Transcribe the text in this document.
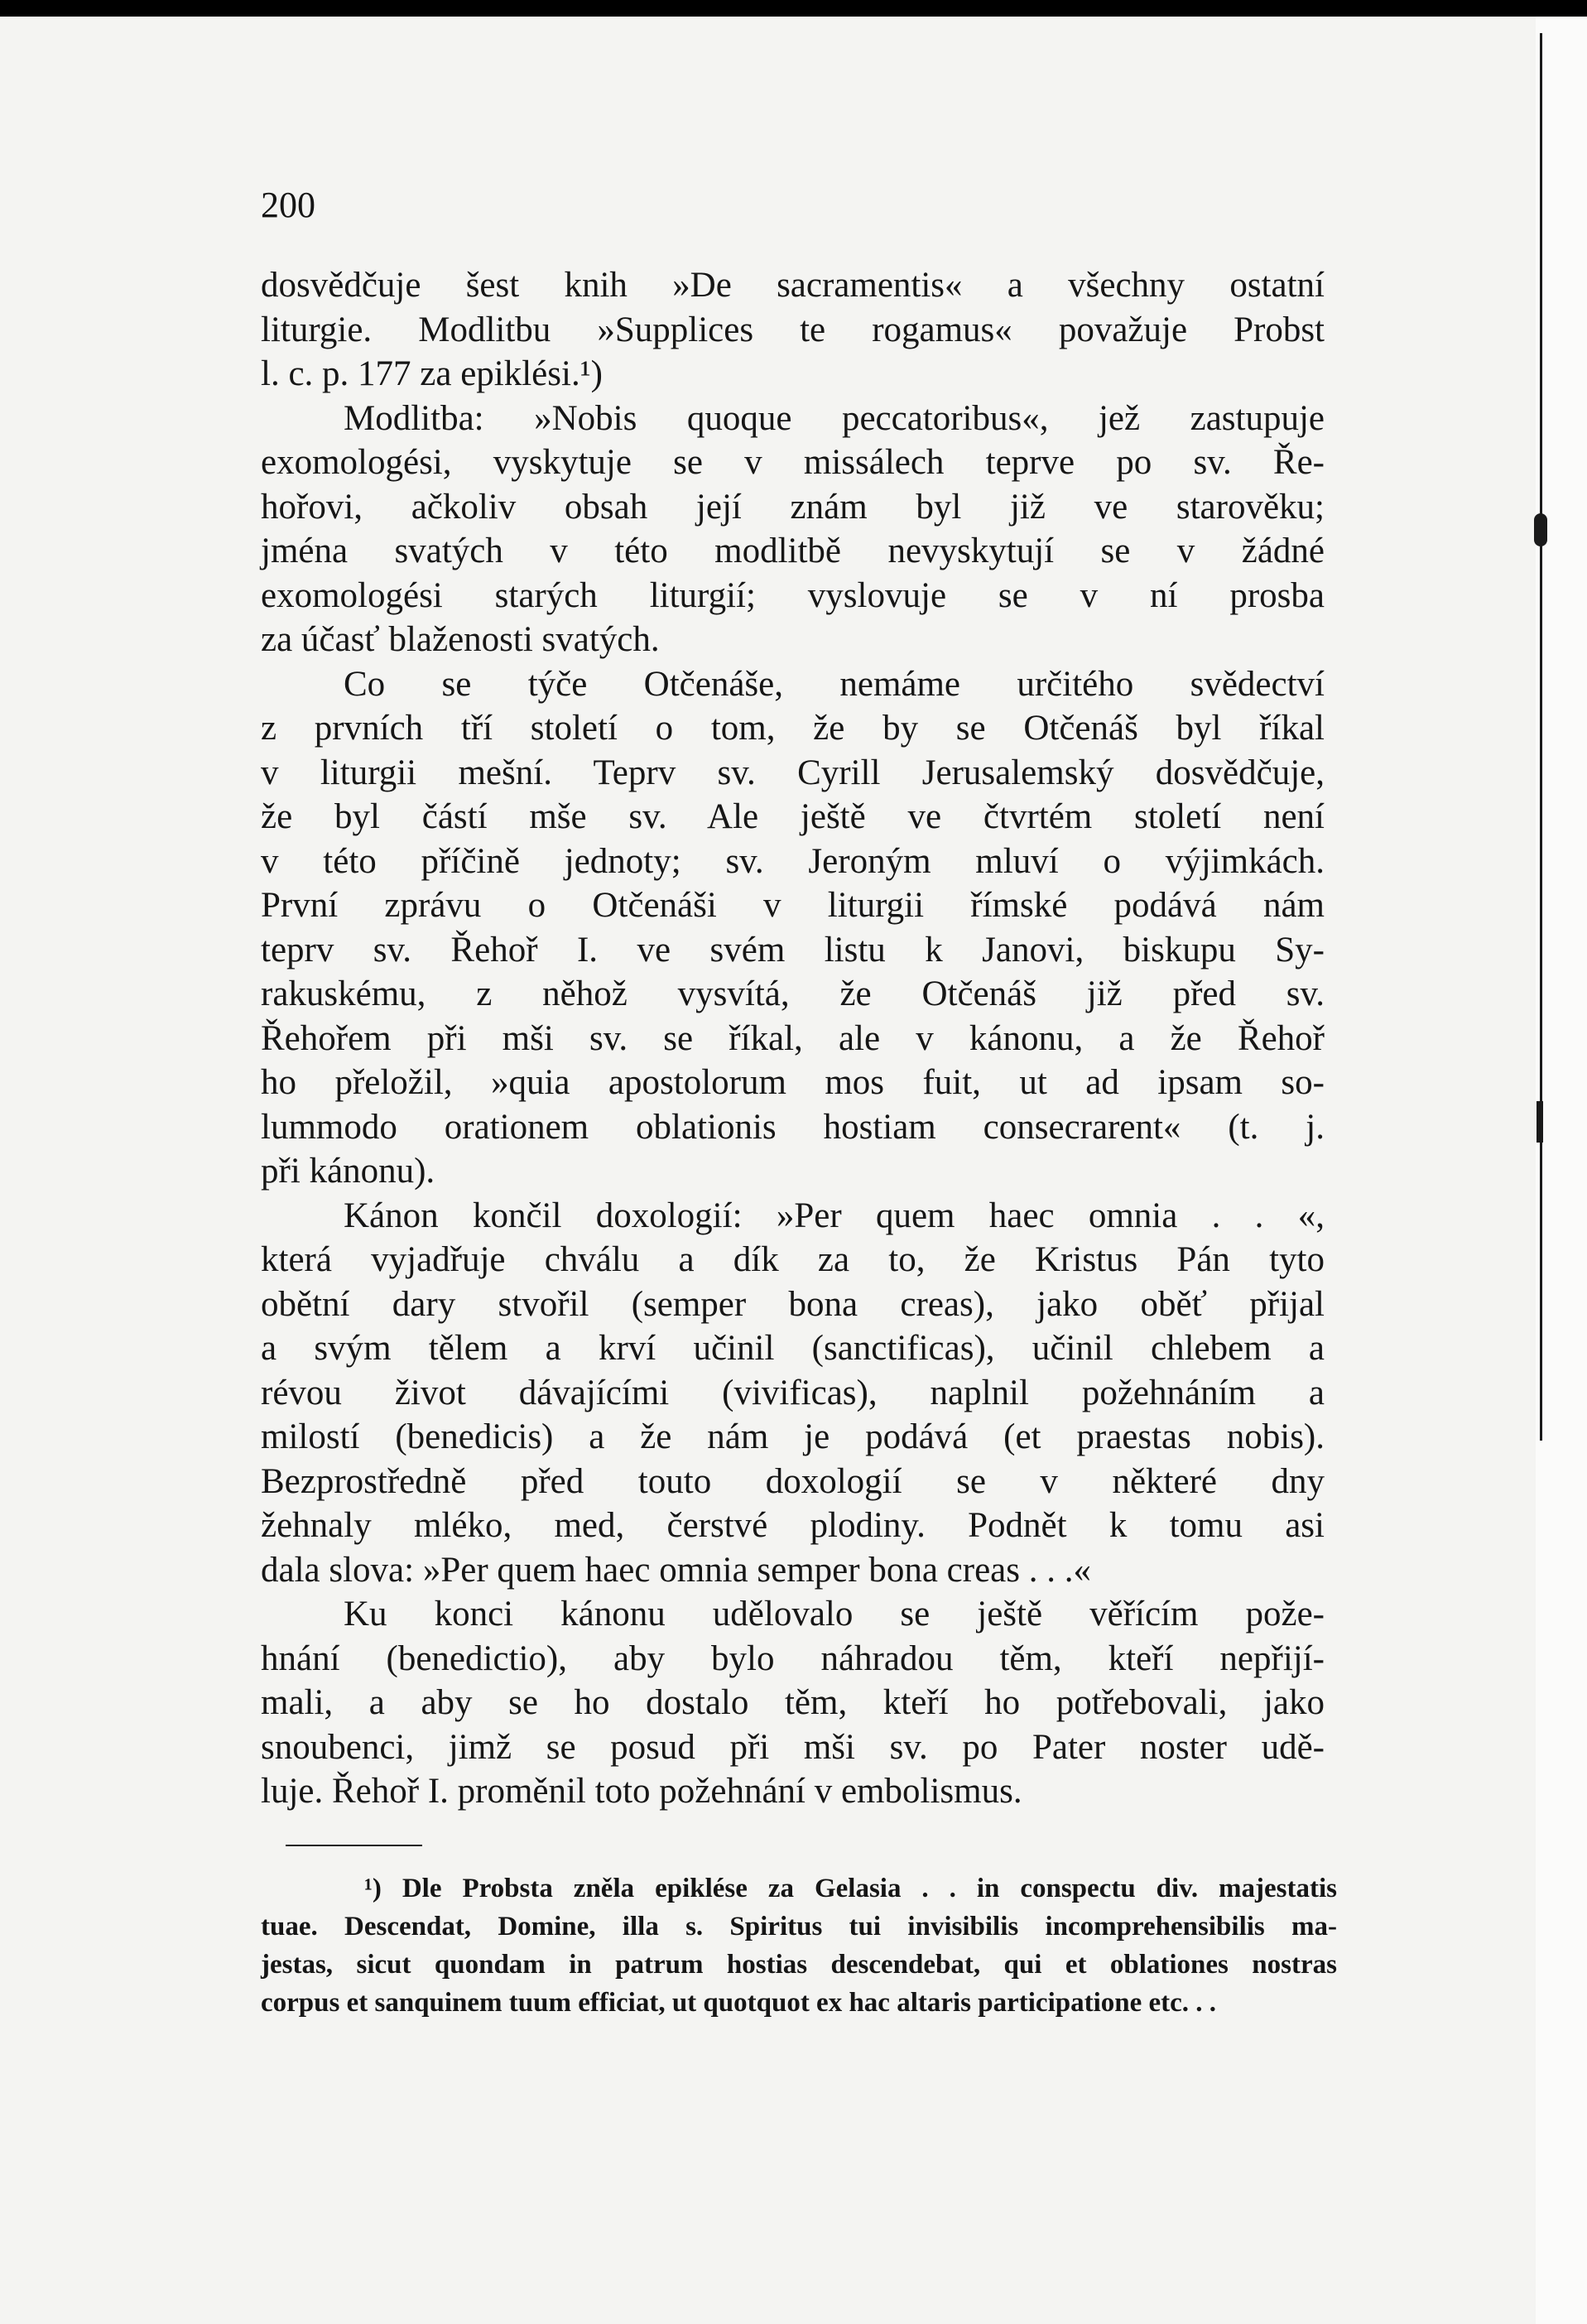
200

dosvědčuje šest knih »De sacramentis« a všechny ostatní
liturgie. Modlitbu »Supplices te rogamus« považuje Probst
l. c. p. 177 za epiklési.¹)

Modlitba: »Nobis quoque peccatoribus«, jež zastupuje
exomologési, vyskytuje se v missálech teprve po sv. Ře-
hořovi, ačkoliv obsah její znám byl již ve starověku;
jména svatých v této modlitbě nevyskytují se v žádné
exomologési starých liturgií; vyslovuje se v ní prosba
za účasť blaženosti svatých.

Co se týče Otčenáše, nemáme určitého svědectví
z prvních tří století o tom, že by se Otčenáš byl říkal
v liturgii mešní. Teprv sv. Cyrill Jerusalemský dosvědčuje,
že byl částí mše sv. Ale ještě ve čtvrtém století není
v této příčině jednoty; sv. Jeroným mluví o výjimkách.
První zprávu o Otčenáši v liturgii římské podává nám
teprv sv. Řehoř I. ve svém listu k Janovi, biskupu Sy-
rakuskému, z něhož vysvítá, že Otčenáš již před sv.
Řehořem při mši sv. se říkal, ale v kánonu, a že Řehoř
ho přeložil, »quia apostolorum mos fuit, ut ad ipsam so-
lummodo orationem oblationis hostiam consecrarent« (t. j.
při kánonu).

Kánon končil doxologií: »Per quem haec omnia . . «,
která vyjadřuje chválu a dík za to, že Kristus Pán tyto
obětní dary stvořil (semper bona creas), jako oběť přijal
a svým tělem a krví učinil (sanctificas), učinil chlebem a
révou život dávajícími (vivificas), naplnil požehnáním a
milostí (benedicis) a že nám je podává (et praestas nobis).
Bezprostředně před touto doxologií se v některé dny
žehnaly mléko, med, čerstvé plodiny. Podnět k tomu asi
dala slova: »Per quem haec omnia semper bona creas . . .«

Ku konci kánonu udělovalo se ještě věřícím pože-
hnání (benedictio), aby bylo náhradou těm, kteří nepřijí-
mali, a aby se ho dostalo těm, kteří ho potřebovali, jako
snoubenci, jimž se posud při mši sv. po Pater noster udě-
luje. Řehoř I. proměnil toto požehnání v embolismus.

¹) Dle Probsta zněla epiklése za Gelasia . . in conspectu div. majestatis
tuae. Descendat, Domine, illa s. Spiritus tui invisibilis incomprehensibilis ma-
jestas, sicut quondam in patrum hostias descendebat, qui et oblationes nostras
corpus et sanquinem tuum efficiat, ut quotquot ex hac altaris participatione etc. . .
